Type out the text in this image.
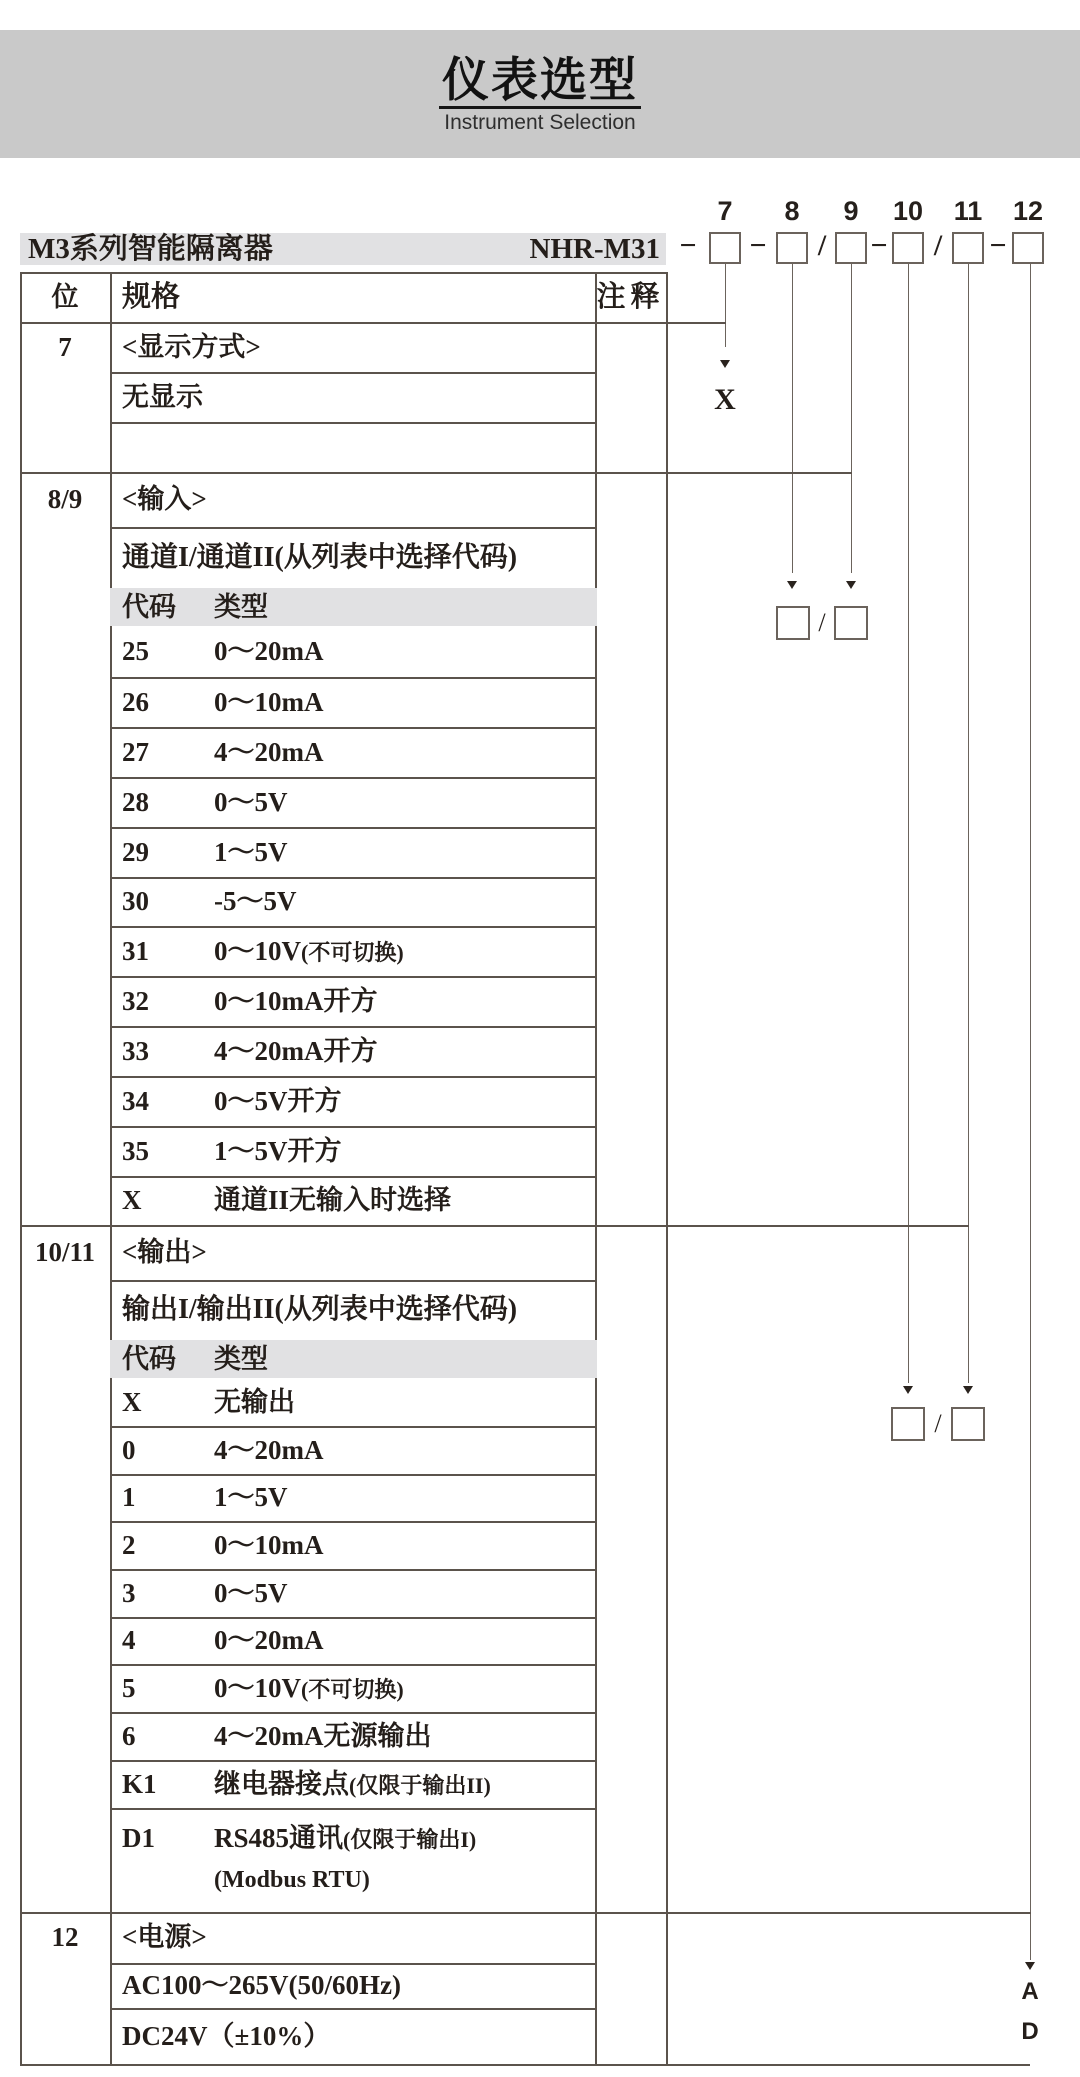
仪表选型
Instrument Selection
7	8	9	10 11 12
M3系列智能隔离器	NHR-M31 − −	/	−	/	−
X
/
/
A
D
位	规格	注释
7	<显示方式>
无显示
8/9	<输入>
通道I/通道II(从列表中选择代码)
代码 类型
25 0～20mA
26 0～10mA
27 4～20mA
28 0～5V
29 1～5V
30 -5～5V
31 0～10V(不可切换)
32 0～10mA开方
33 4～20mA开方
34 0～5V开方
35 1～5V开方
X	通道II无输入时选择
10/11	<输出>
输出I/输出II(从列表中选择代码)
代码 类型
X	无输出
0	4～20mA
1	1～5V
2	0～10mA
3	0～5V
4	0～20mA
5	0～10V(不可切换)
6	4～20mA无源输出
K1 继电器接点(仅限于输出II)
D1 RS485通讯(仅限于输出I)
(Modbus RTU)
12	<电源>
AC100～265V(50/60Hz)
DC24V（±10%）
